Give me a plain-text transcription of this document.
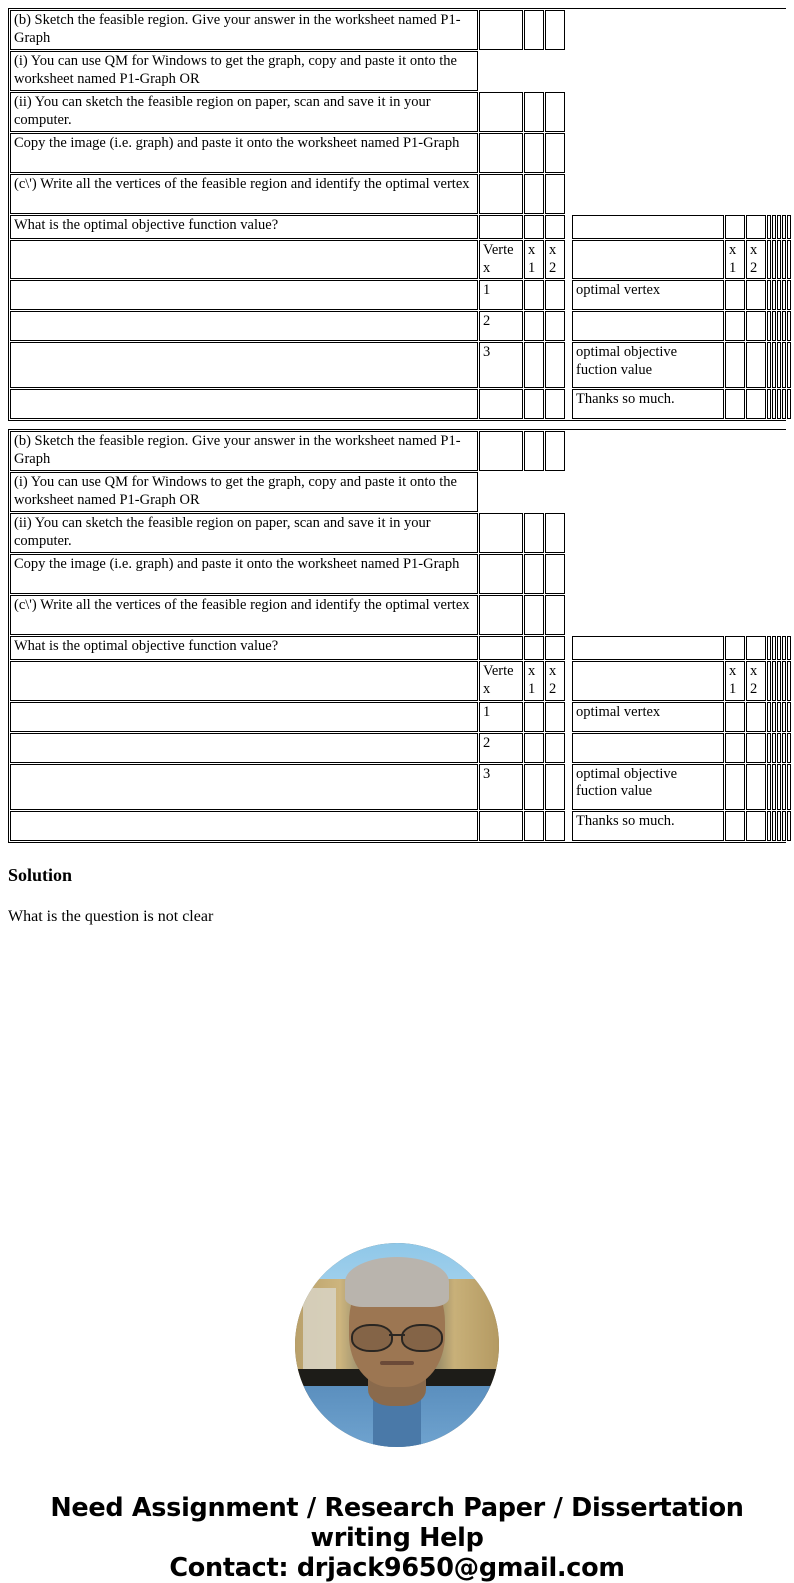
(b) Sketch the feasible region. Give your answer in the worksheet named P1-Graph												
(i) You can use QM for Windows to get the graph, copy and paste it onto the worksheet named P1-Graph OR												
(ii) You can sketch the feasible region on paper, scan and save it in your computer.												
Copy the image (i.e. graph) and paste it onto the worksheet named P1-Graph												
(c\') Write all the vertices of the feasible region and identify the optimal vertex												
What is the optimal objective function value?												
	Vertex	x1	x2			x1	x2					
	1				optimal vertex							
	2											
	3				optimal objective fuction value							
					Thanks so much.							
(b) Sketch the feasible region. Give your answer in the worksheet named P1-Graph												
(i) You can use QM for Windows to get the graph, copy and paste it onto the worksheet named P1-Graph OR												
(ii) You can sketch the feasible region on paper, scan and save it in your computer.												
Copy the image (i.e. graph) and paste it onto the worksheet named P1-Graph												
(c\') Write all the vertices of the feasible region and identify the optimal vertex												
What is the optimal objective function value?												
	Vertex	x1	x2			x1	x2					
	1				optimal vertex							
	2											
	3				optimal objective fuction value							
					Thanks so much.							
Solution
What is the question is not clear
Need Assignment / Research Paper / Dissertation
writing Help
Contact: drjack9650@gmail.com
